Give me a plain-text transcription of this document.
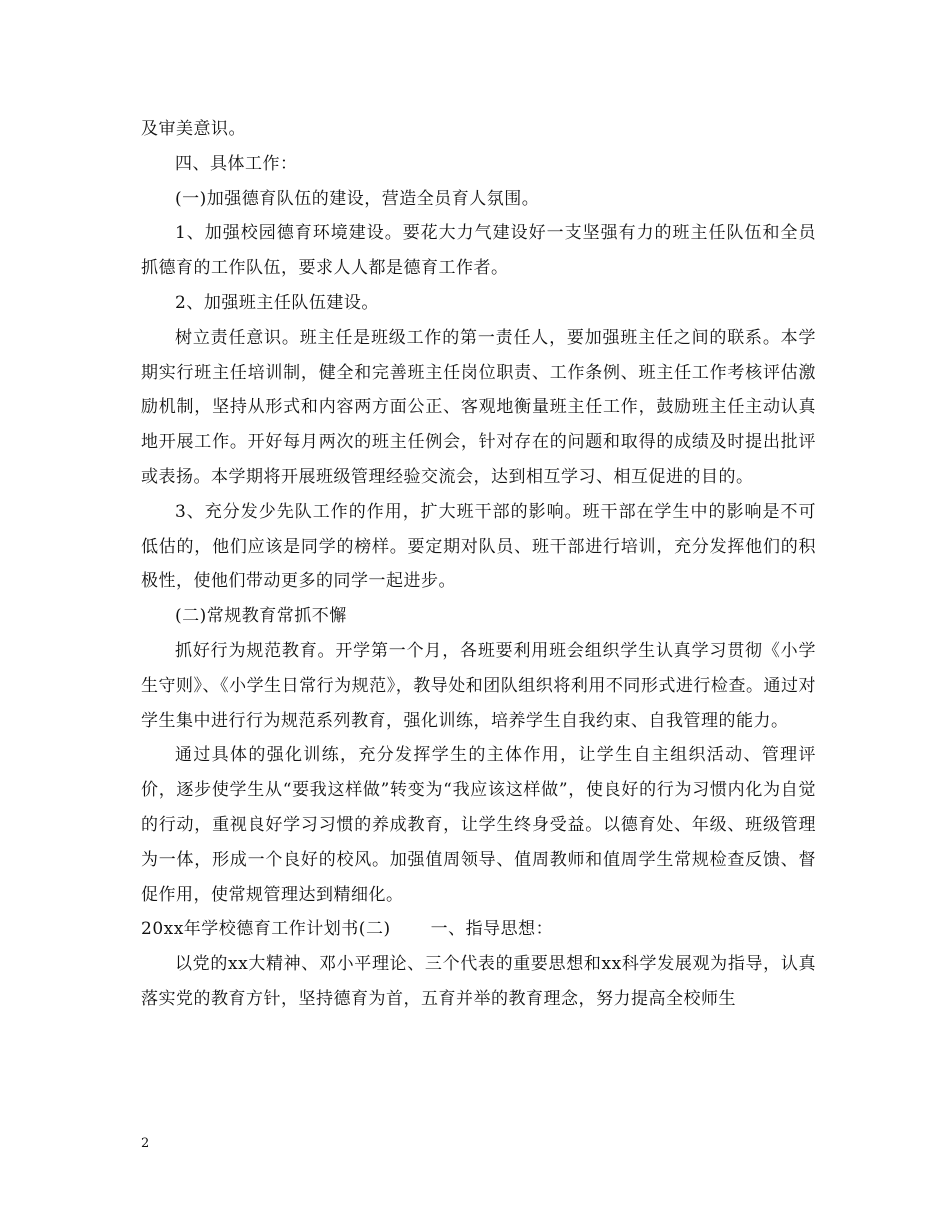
及审美意识。

四、具体工作：

(一)加强德育队伍的建设，营造全员育人氛围。

1、加强校园德育环境建设。要花大力气建设好一支坚强有力的班主任队伍和全员抓德育的工作队伍，要求人人都是德育工作者。

2、加强班主任队伍建设。

树立责任意识。班主任是班级工作的第一责任人，要加强班主任之间的联系。本学期实行班主任培训制，健全和完善班主任岗位职责、工作条例、班主任工作考核评估激励机制，坚持从形式和内容两方面公正、客观地衡量班主任工作，鼓励班主任主动认真地开展工作。开好每月两次的班主任例会，针对存在的问题和取得的成绩及时提出批评或表扬。本学期将开展班级管理经验交流会，达到相互学习、相互促进的目的。

3、充分发少先队工作的作用，扩大班干部的影响。班干部在学生中的影响是不可低估的，他们应该是同学的榜样。要定期对队员、班干部进行培训，充分发挥他们的积极性，使他们带动更多的同学一起进步。

(二)常规教育常抓不懈

抓好行为规范教育。开学第一个月，各班要利用班会组织学生认真学习贯彻《小学生守则》、《小学生日常行为规范》，教导处和团队组织将利用不同形式进行检查。通过对学生集中进行行为规范系列教育，强化训练，培养学生自我约束、自我管理的能力。

通过具体的强化训练，充分发挥学生的主体作用，让学生自主组织活动、管理评价，逐步使学生从“要我这样做”转变为“我应该这样做”，使良好的行为习惯内化为自觉的行动，重视良好学习习惯的养成教育，让学生终身受益。以德育处、年级、班级管理为一体，形成一个良好的校风。加强值周领导、值周教师和值周学生常规检查反馈、督促作用，使常规管理达到精细化。

20xx年学校德育工作计划书(二) 一、指导思想：

以党的xx大精神、邓小平理论、三个代表的重要思想和xx科学发展观为指导，认真落实党的教育方针，坚持德育为首，五育并举的教育理念，努力提高全校师生

2
